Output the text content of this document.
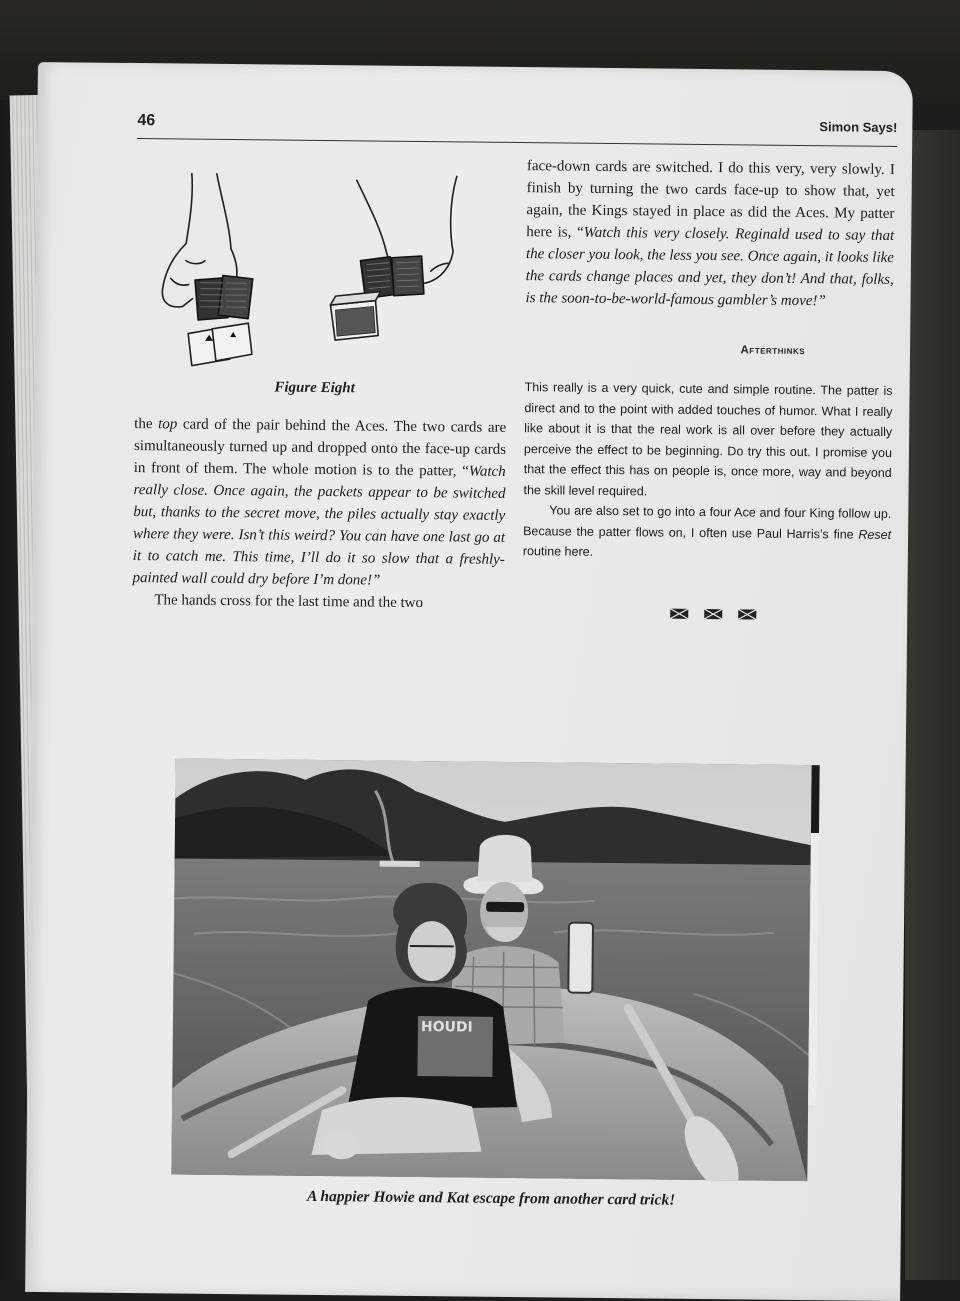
46	Simon Says!
Figure Eight

the top card of the pair behind the Aces. The two cards are simultaneously turned up and dropped onto the face-up cards in front of them. The whole motion is to the patter, “Watch really close. Once again, the packets appear to be switched but, thanks to the secret move, the piles actually stay exactly where they were. Isn’t this weird? You can have one last go at it to catch me. This time, I’ll do it so slow that a freshly-painted wall could dry before I’m done!”

The hands cross for the last time and the two

face-down cards are switched. I do this very, very slowly. I finish by turning the two cards face-up to show that, yet again, the Kings stayed in place as did the Aces. My patter here is, “Watch this very closely. Reginald used to say that the closer you look, the less you see. Once again, it looks like the cards change places and yet, they don’t! And that, folks, is the soon-to-be-world-famous gambler’s move!”

Afterthinks

This really is a very quick, cute and simple routine. The patter is direct and to the point with added touches of humor. What I really like about it is that the real work is all over before they actually perceive the effect to be beginning. Do try this out. I promise you that the effect this has on people is, once more, way and beyond the skill level required.

You are also set to go into a four Ace and four King follow up. Because the patter flows on, I often use Paul Harris’s fine Reset routine here.

HOUDI
A happier Howie and Kat escape from another card trick!
